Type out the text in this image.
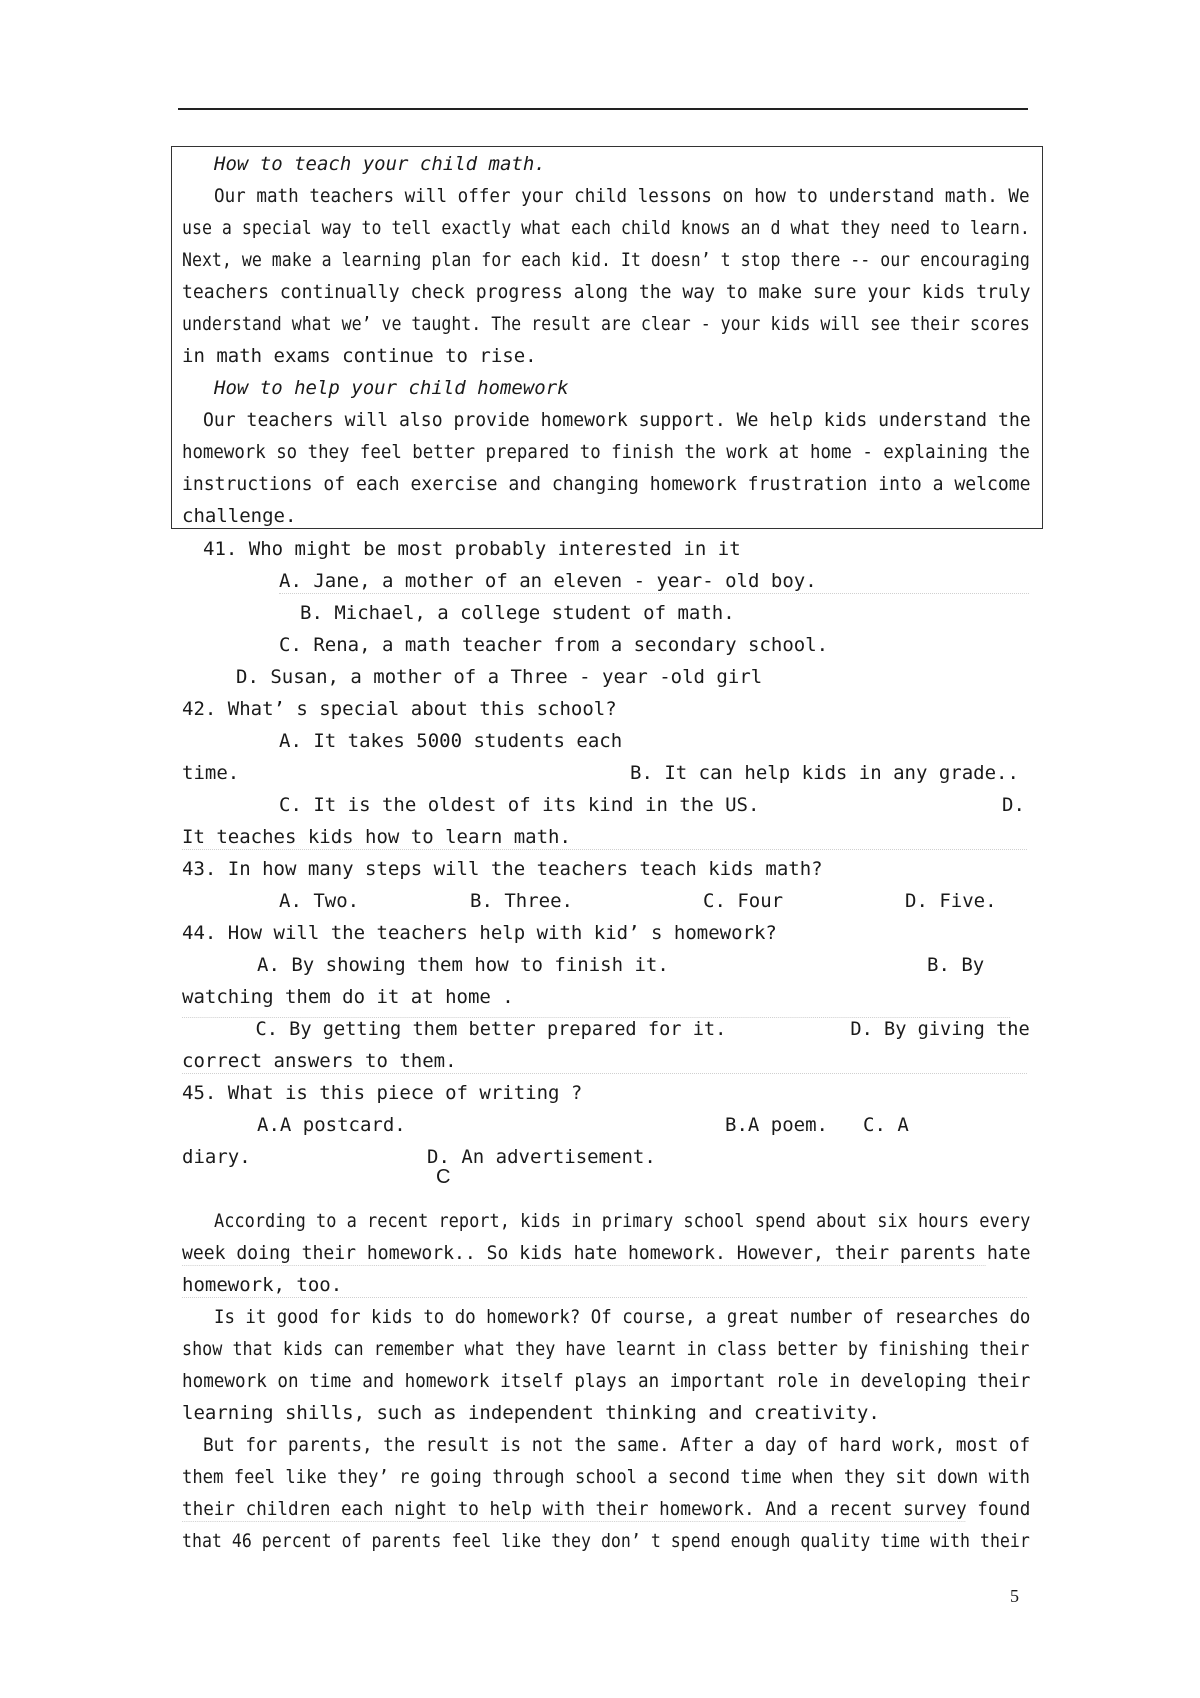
How to teach your child math.
Our math teachers will offer your child lessons on how to understand math. We
use a special way to tell exactly what each child knows an d what they need to learn.
Next, we make a learning plan for each kid. It doesn’ t stop there -- our encouraging
teachers continually check progress along the way to make sure your kids truly
understand what we’ ve taught. The result are clear - your kids will see their scores
in math exams continue to rise.
How to help your child homework
Our teachers will also provide homework support. We help kids understand the
homework so they feel better prepared to finish the work at home - explaining the
instructions of each exercise and changing homework frustration into a welcome
challenge.
41. Who might be most probably interested in it
A. Jane, a mother of an eleven - year- old boy.
B. Michael, a college student of math.
C. Rena, a math teacher from a secondary school.
D. Susan, a mother of a Three - year -old girl
42. What’ s special about this school?
A. It takes 5000 students each
time.	B. It can help kids in any grade..
C. It is the oldest of its kind in the US.	D.
It teaches kids how to learn math.
43. In how many steps will the teachers teach kids math?
A. Two.	B. Three.	C. Four	D. Five.
44. How will the teachers help with kid’ s homework?
A. By showing them how to finish it.	B. By
watching them do it at home .
C. By getting them better prepared for it.	D. By giving the
correct answers to them.
45. What is this piece of writing ?
A.A postcard.	B.A poem. C. A
diary.	D. An advertisement.
C
According to a recent report, kids in primary school spend about six hours every
week doing their homework.. So kids hate homework. However, their parents hate
homework, too.
Is it good for kids to do homework? Of course, a great number of researches do
show that kids can remember what they have learnt in class better by finishing their
homework on time and homework itself plays an important role in developing their
learning shills, such as independent thinking and creativity.
But for parents, the result is not the same. After a day of hard work, most of
them feel like they’ re going through school a second time when they sit down with
their children each night to help with their homework. And a recent survey found
that 46 percent of parents feel like they don’ t spend enough quality time with their
5
